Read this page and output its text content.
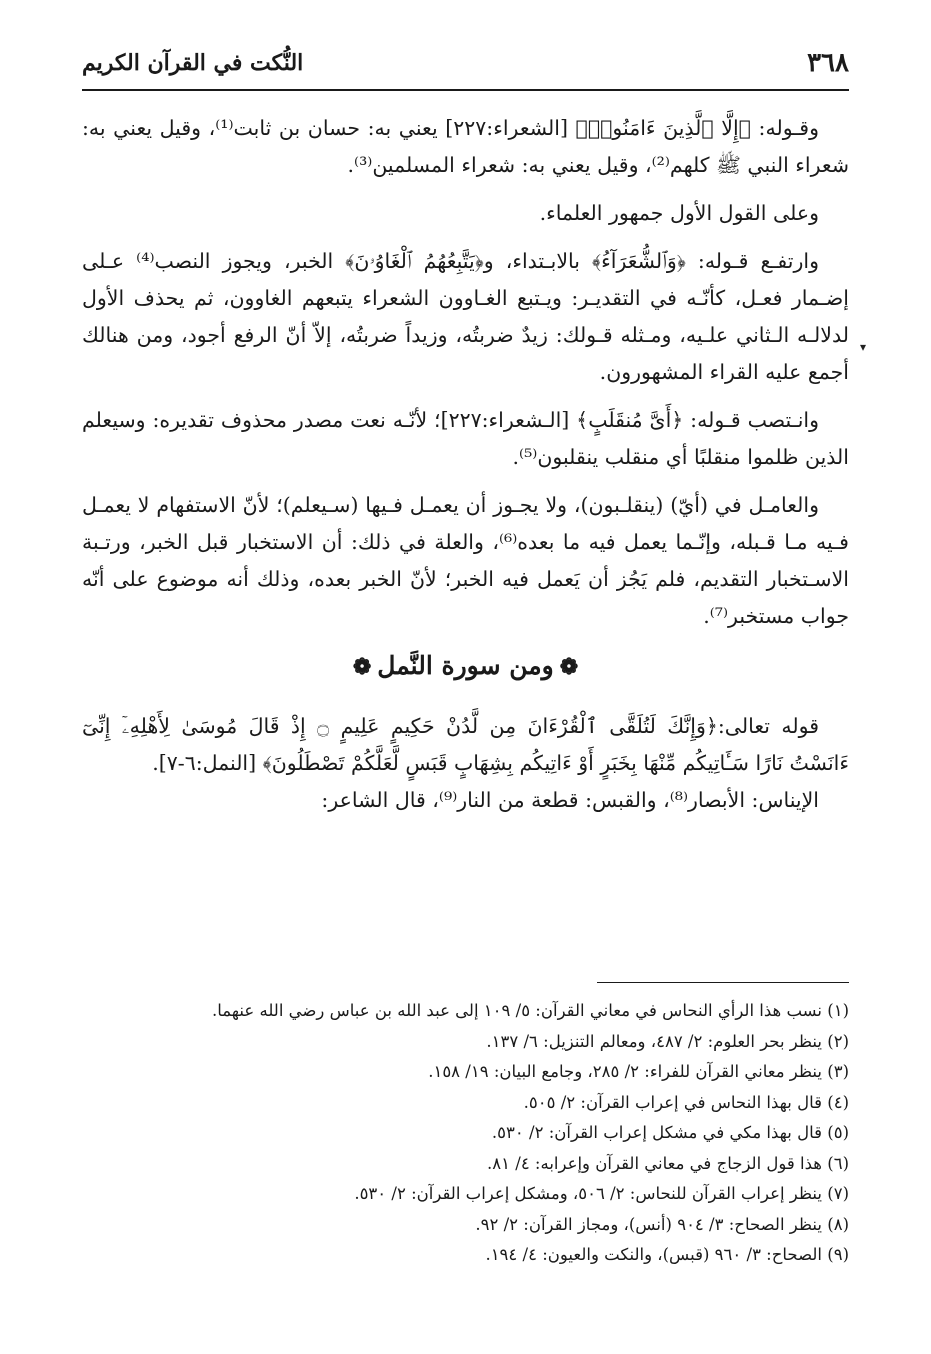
٣٦٨
النُّكت في القرآن الكريم
▾

وقـوله: ﴿إِلَّا ٱلَّذِينَ ءَامَنُوا۟﴾ [الشعراء:٢٢٧] يعني به: حسان بن ثابت⁽¹⁾، وقيل يعني به: شعراء النبي ﷺ كلهم⁽²⁾، وقيل يعني به: شعراء المسلمين⁽³⁾.

وعلى القول الأول جمهور العلماء.

وارتفـع قـوله: ﴿وَٱلشُّعَرَآءُ﴾ بالابـتداء، و﴿يَتَّبِعُهُمُ ٱلْغَاوُۥنَ﴾ الخبر، ويجوز النصب⁽⁴⁾ عـلى إضـمار فعـل، كأنّـه في التقديـر: ويـتبع الغـاوون الشعراء يتبعهم الغاوون، ثم يحذف الأول لدلالـه الـثاني علـيه، ومـثله قـولك: زيدٌ ضربتُه، وزيداً ضربتُه، إلاّ أنّ الرفع أجود، ومن هنالك أجمع عليه القراء المشهورون.

وانـتصب قـوله: ﴿أَىَّ مُنقَلَبٍ﴾ [الـشعراء:٢٢٧]؛ لأنّـه نعت مصدر محذوف تقديره: وسيعلم الذين ظلموا منقلبًا أي منقلب ينقلبون⁽⁵⁾.

والعامـل في (أيّ) (ينقلـبون)، ولا يجـوز أن يعمـل فـيها (سـيعلم)؛ لأنّ الاستفهام لا يعمـل فـيه مـا قـبله، وإنّـما يعمل فيه ما بعده⁽⁶⁾، والعلة في ذلك: أن الاستخبار قبل الخبر، ورتـبة الاسـتخبار التقديم، فلم يَجُز أن يَعمل فيه الخبر؛ لأنّ الخبر بعده، وذلك أنه موضوع على أنّه جواب مستخبر⁽⁷⁾.

❁ومن سورة النَّمل❁

قوله تعالى:﴿وَإِنَّكَ لَتُلَقَّى ٱلْقُرْءَانَ مِن لَّدُنْ حَكِيمٍ عَلِيمٍ ۝ إِذْ قَالَ مُوسَىٰ لِأَهْلِهِۦٓ إِنِّىٓ ءَانَسْتُ نَارًا سَـَٔاتِيكُم مِّنْهَا بِخَبَرٍ أَوْ ءَاتِيكُم بِشِهَابٍ قَبَسٍ لَّعَلَّكُمْ تَصْطَلُونَ﴾ [النمل:٦-٧].

الإيناس: الأبصار⁽⁸⁾، والقبس: قطعة من النار⁽⁹⁾، قال الشاعر:

(١) نسب هذا الرأي النحاس في معاني القرآن: ٥/ ١٠٩ إلى عبد الله بن عباس رضي الله عنهما.

(٢) ينظر بحر العلوم: ٢/ ٤٨٧، ومعالم التنزيل: ٦/ ١٣٧.

(٣) ينظر معاني القرآن للفراء: ٢/ ٢٨٥، وجامع البيان: ١٩/ ١٥٨.

(٤) قال بهذا النحاس في إعراب القرآن: ٢/ ٥٠٥.

(٥) قال بهذا مكي في مشكل إعراب القرآن: ٢/ ٥٣٠.

(٦) هذا قول الزجاج في معاني القرآن وإعرابه: ٤/ ٨١.

(٧) ينظر إعراب القرآن للنحاس: ٢/ ٥٠٦، ومشكل إعراب القرآن: ٢/ ٥٣٠.

(٨) ينظر الصحاح: ٣/ ٩٠٤ (أنس)، ومجاز القرآن: ٢/ ٩٢.

(٩) الصحاح: ٣/ ٩٦٠ (قبس)، والنكت والعيون: ٤/ ١٩٤.
